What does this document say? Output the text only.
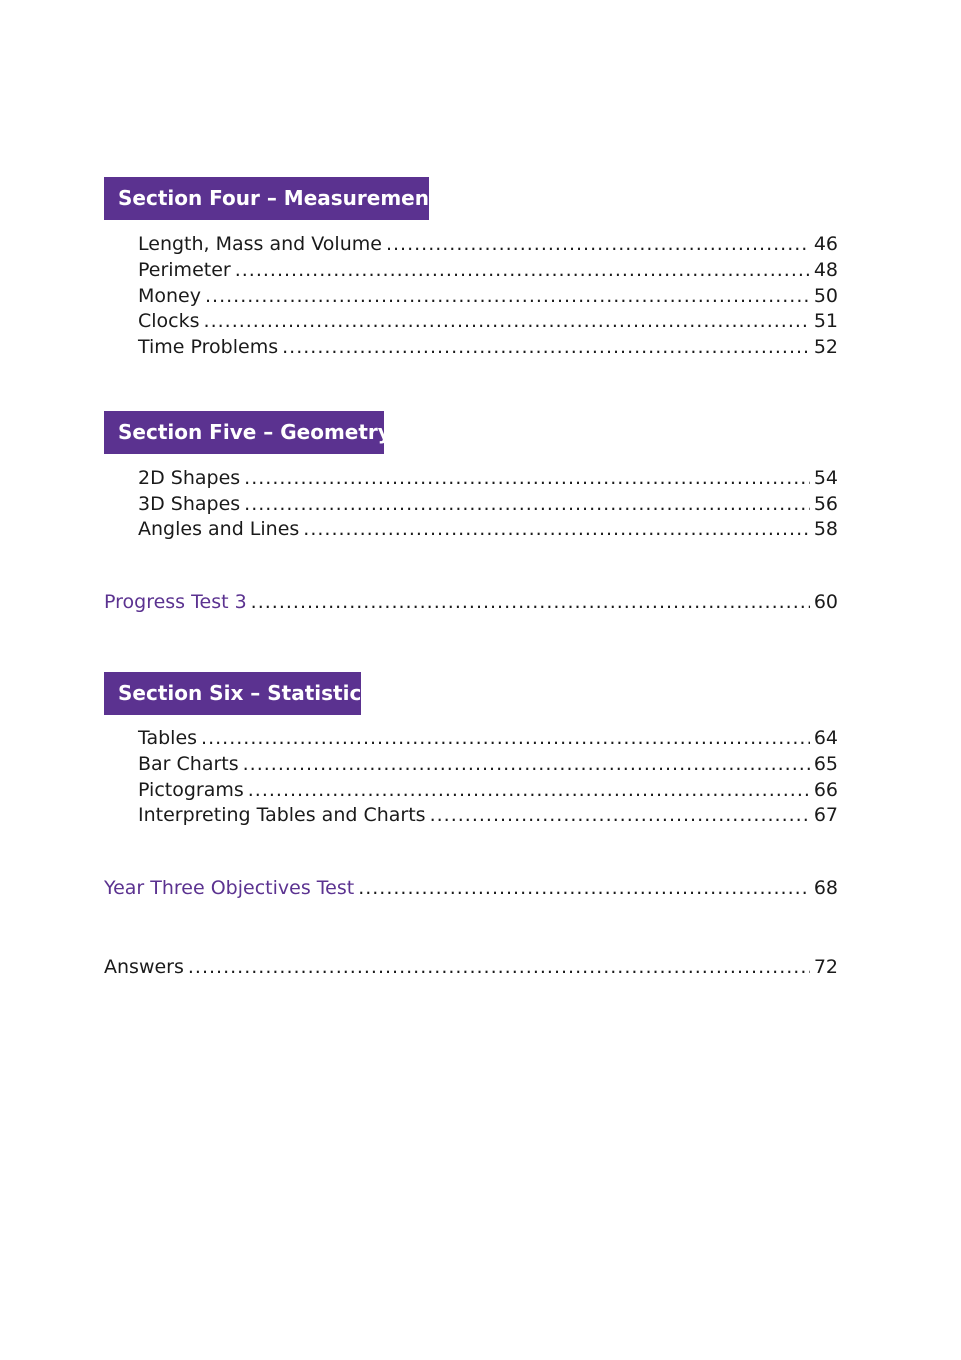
Section Four – Measurement
Length, Mass and Volume .....	46
Perimeter .....	48
Money .....	50
Clocks .....	51
Time Problems .....	52
Section Five – Geometry
2D Shapes .....	54
3D Shapes .....	56
Angles and Lines .....	58
Progress Test 3 .....	60
Section Six – Statistics
Tables .....	64
Bar Charts .....	65
Pictograms .....	66
Interpreting Tables and Charts .....	67
Year Three Objectives Test .....	68
Answers .....	72
